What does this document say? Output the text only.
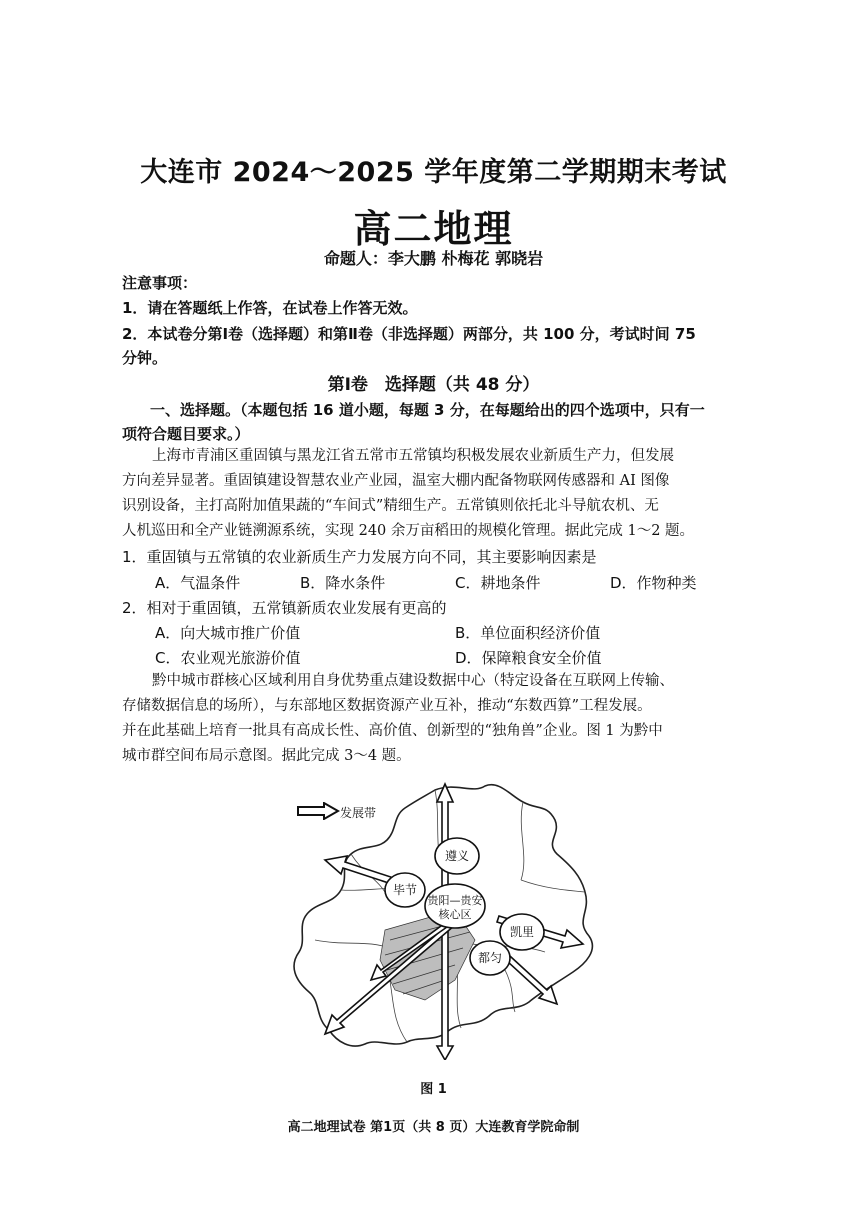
大连市 2024～2025 学年度第二学期期末考试
高二地理
命题人：李大鹏 朴梅花 郭晓岩
注意事项：
1．请在答题纸上作答，在试卷上作答无效。
2．本试卷分第Ⅰ卷（选择题）和第Ⅱ卷（非选择题）两部分，共 100 分，考试时间 75
分钟。
第Ⅰ卷　选择题（共 48 分）
一、选择题。（本题包括 16 道小题，每题 3 分，在每题给出的四个选项中，只有一
项符合题目要求。）
上海市青浦区重固镇与黑龙江省五常市五常镇均积极发展农业新质生产力，但发展
方向差异显著。重固镇建设智慧农业产业园，温室大棚内配备物联网传感器和 AI 图像
识别设备，主打高附加值果蔬的“车间式”精细生产。五常镇则依托北斗导航农机、无
人机巡田和全产业链溯源系统，实现 240 余万亩稻田的规模化管理。据此完成 1～2 题。
1．重固镇与五常镇的农业新质生产力发展方向不同，其主要影响因素是
A．气温条件	B．降水条件	C．耕地条件	D．作物种类
2．相对于重固镇，五常镇新质农业发展有更高的
A．向大城市推广价值	B．单位面积经济价值
C．农业观光旅游价值	D．保障粮食安全价值
黔中城市群核心区域利用自身优势重点建设数据中心（特定设备在互联网上传输、
存储数据信息的场所），与东部地区数据资源产业互补，推动“东数西算”工程发展。
并在此基础上培育一批具有高成长性、高价值、创新型的“独角兽”企业。图 1 为黔中
城市群空间布局示意图。据此完成 3～4 题。
发展带
遵义
毕节
贵阳—贵安
核心区
凯里
都匀
图 1
高二地理试卷 第1页（共 8 页）大连教育学院命制
